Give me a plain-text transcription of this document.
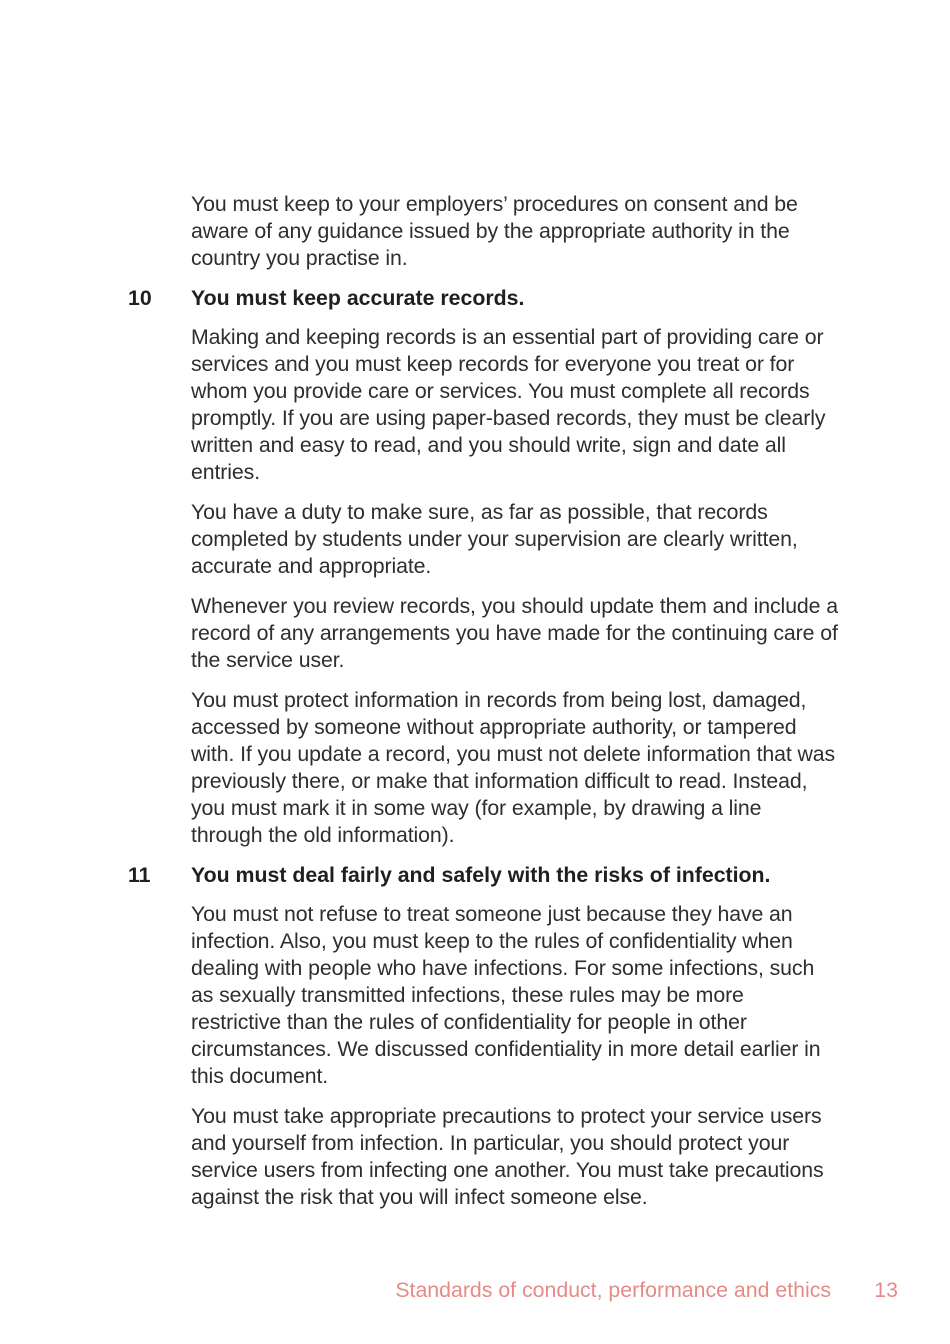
You must keep to your employers’ procedures on consent and be aware of any guidance issued by the appropriate authority in the country you practise in.

10	You must keep accurate records.

Making and keeping records is an essential part of providing care or services and you must keep records for everyone you treat or for whom you provide care or services. You must complete all records promptly. If you are using paper-based records, they must be clearly written and easy to read, and you should write, sign and date all entries.

You have a duty to make sure, as far as possible, that records completed by students under your supervision are clearly written, accurate and appropriate.

Whenever you review records, you should update them and include a record of any arrangements you have made for the continuing care of the service user.

You must protect information in records from being lost, damaged, accessed by someone without appropriate authority, or tampered with. If you update a record, you must not delete information that was previously there, or make that information difficult to read. Instead, you must mark it in some way (for example, by drawing a line through the old information).

11	You must deal fairly and safely with the risks of infection.

You must not refuse to treat someone just because they have an infection. Also, you must keep to the rules of confidentiality when dealing with people who have infections. For some infections, such as sexually transmitted infections, these rules may be more restrictive than the rules of confidentiality for people in other circumstances. We discussed confidentiality in more detail earlier in this document.

You must take appropriate precautions to protect your service users and yourself from infection. In particular, you should protect your service users from infecting one another. You must take precautions against the risk that you will infect someone else.

Standards of conduct, performance and ethics 13
